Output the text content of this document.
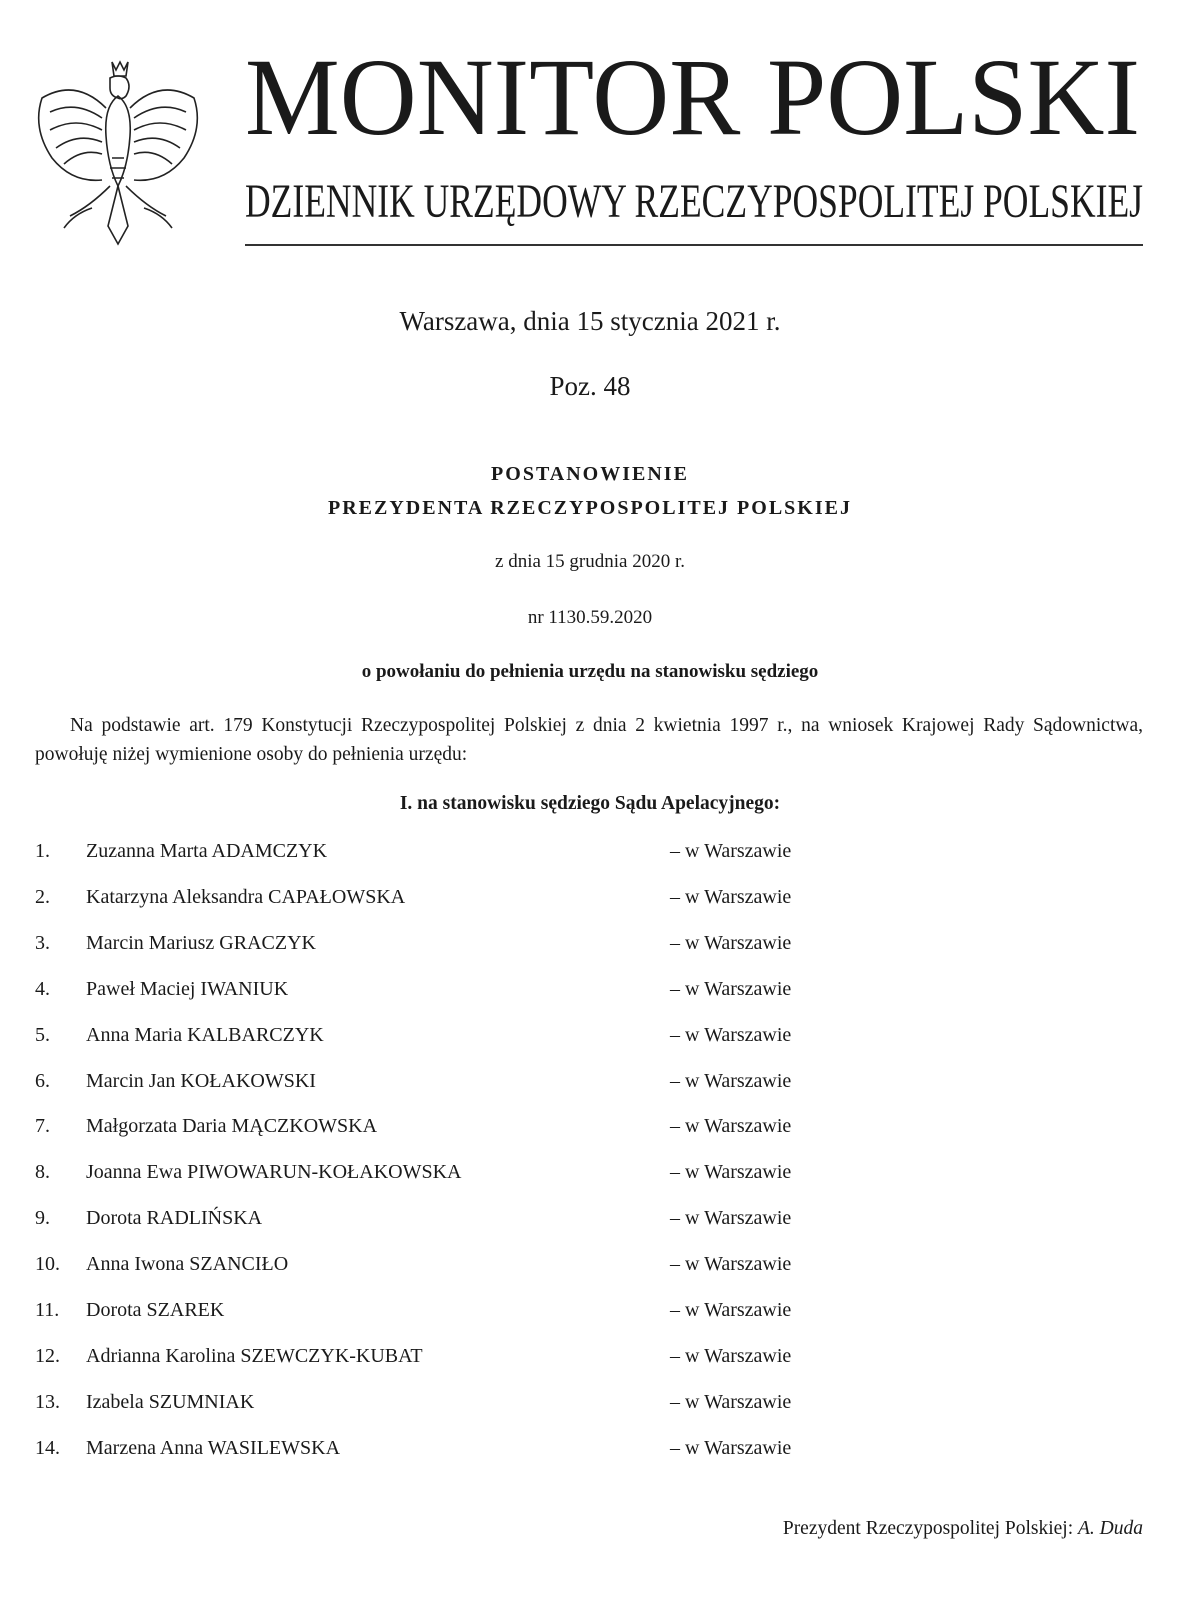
MONITOR POLSKI
DZIENNIK URZĘDOWY RZECZYPOSPOLITEJ POLSKIEJ
Warszawa, dnia 15 stycznia 2021 r.
Poz. 48
POSTANOWIENIE
PREZYDENTA RZECZYPOSPOLITEJ POLSKIEJ
z dnia 15 grudnia 2020 r.
nr 1130.59.2020
o powołaniu do pełnienia urzędu na stanowisku sędziego
Na podstawie art. 179 Konstytucji Rzeczypospolitej Polskiej z dnia 2 kwietnia 1997 r., na wniosek Krajowej Rady Sądownictwa, powołuję niżej wymienione osoby do pełnienia urzędu:
I. na stanowisku sędziego Sądu Apelacyjnego:
1. Zuzanna Marta ADAMCZYK	– w Warszawie
2. Katarzyna Aleksandra CAPAŁOWSKA	– w Warszawie
3. Marcin Mariusz GRACZYK	– w Warszawie
4. Paweł Maciej IWANIUK	– w Warszawie
5. Anna Maria KALBARCZYK	– w Warszawie
6. Marcin Jan KOŁAKOWSKI	– w Warszawie
7. Małgorzata Daria MĄCZKOWSKA	– w Warszawie
8. Joanna Ewa PIWOWARUN-KOŁAKOWSKA	– w Warszawie
9. Dorota RADLIŃSKA	– w Warszawie
10. Anna Iwona SZANCIŁO	– w Warszawie
11. Dorota SZAREK	– w Warszawie
12. Adrianna Karolina SZEWCZYK-KUBAT	– w Warszawie
13. Izabela SZUMNIAK	– w Warszawie
14. Marzena Anna WASILEWSKA	– w Warszawie
Prezydent Rzeczypospolitej Polskiej: A. Duda
